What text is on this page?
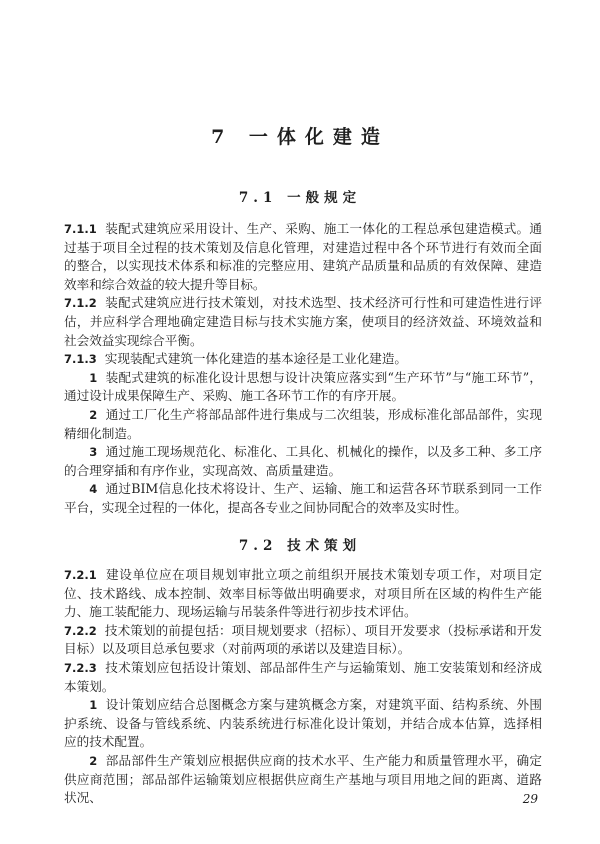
7 一体化建造
7.1 一般规定

7.1.1 装配式建筑应采用设计、生产、采购、施工一体化的工程总承包建造模式。通过基于项目全过程的技术策划及信息化管理，对建造过程中各个环节进行有效而全面的整合，以实现技术体系和标准的完整应用、建筑产品质量和品质的有效保障、建造效率和综合效益的较大提升等目标。

7.1.2 装配式建筑应进行技术策划，对技术选型、技术经济可行性和可建造性进行评估，并应科学合理地确定建造目标与技术实施方案，使项目的经济效益、环境效益和社会效益实现综合平衡。

7.1.3 实现装配式建筑一体化建造的基本途径是工业化建造。

1 装配式建筑的标准化设计思想与设计决策应落实到“生产环节”与“施工环节”，通过设计成果保障生产、采购、施工各环节工作的有序开展。

2 通过工厂化生产将部品部件进行集成与二次组装，形成标准化部品部件，实现精细化制造。

3 通过施工现场规范化、标准化、工具化、机械化的操作，以及多工种、多工序的合理穿插和有序作业，实现高效、高质量建造。

4 通过BIM信息化技术将设计、生产、运输、施工和运营各环节联系到同一工作平台，实现全过程的一体化，提高各专业之间协同配合的效率及实时性。

7.2 技术策划

7.2.1 建设单位应在项目规划审批立项之前组织开展技术策划专项工作，对项目定位、技术路线、成本控制、效率目标等做出明确要求，对项目所在区域的构件生产能力、施工装配能力、现场运输与吊装条件等进行初步技术评估。

7.2.2 技术策划的前提包括：项目规划要求（招标）、项目开发要求（投标承诺和开发目标）以及项目总承包要求（对前两项的承诺以及建造目标）。

7.2.3 技术策划应包括设计策划、部品部件生产与运输策划、施工安装策划和经济成本策划。

1 设计策划应结合总图概念方案与建筑概念方案，对建筑平面、结构系统、外围护系统、设备与管线系统、内装系统进行标准化设计策划，并结合成本估算，选择相应的技术配置。

2 部品部件生产策划应根据供应商的技术水平、生产能力和质量管理水平，确定供应商范围；部品部件运输策划应根据供应商生产基地与项目用地之间的距离、道路状况、	29
